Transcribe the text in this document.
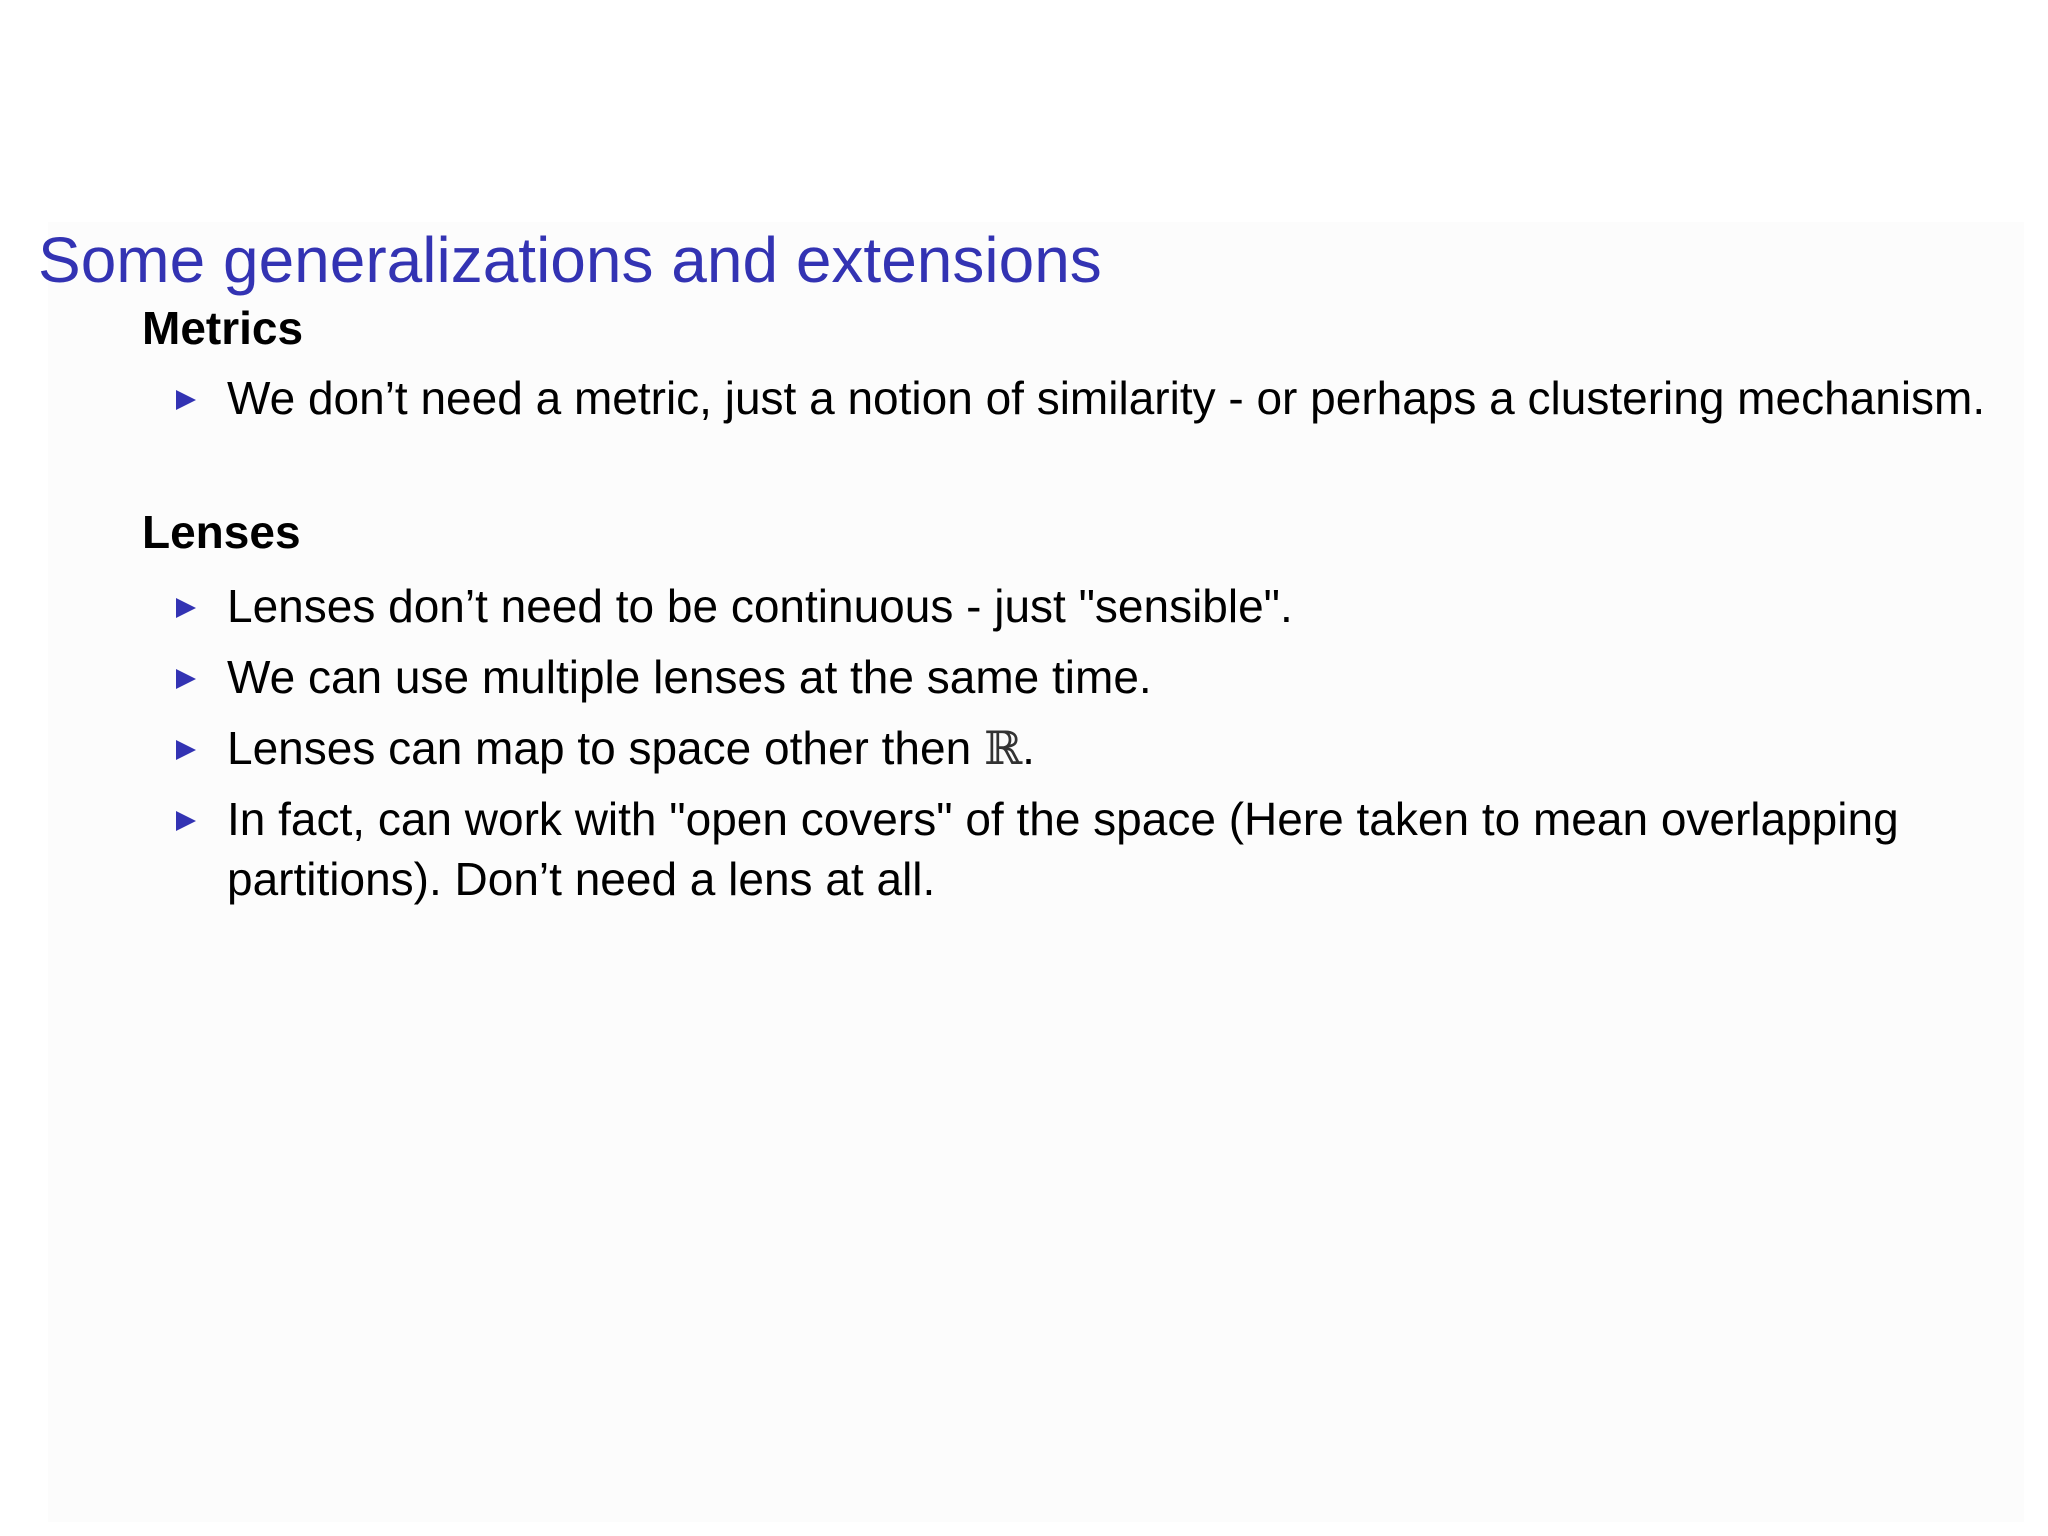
Some generalizations and extensions
Metrics
We don’t need a metric, just a notion of similarity - or perhaps a clustering mechanism.
Lenses
Lenses don’t need to be continuous - just "sensible".
We can use multiple lenses at the same time.
Lenses can map to space other then ℝ.
In fact, can work with "open covers" of the space (Here taken to mean overlapping partitions). Don’t need a lens at all.
